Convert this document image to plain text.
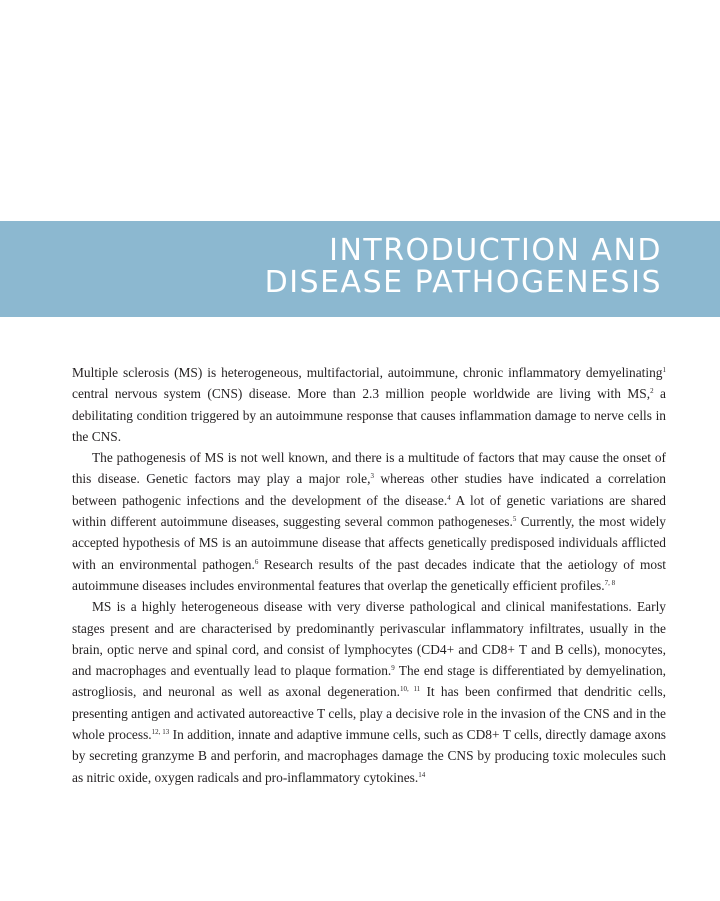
INTRODUCTION AND
DISEASE PATHOGENESIS

Multiple sclerosis (MS) is heterogeneous, multifactorial, autoimmune, chronic inflammatory demyelinating$^1$ central nervous system (CNS) disease. More than 2.3 million people worldwide are living with MS,$^2$ a debilitating condition triggered by an autoimmune response that causes inflammation damage to nerve cells in the CNS.

The pathogenesis of MS is not well known, and there is a multitude of factors that may cause the onset of this disease. Genetic factors may play a major role,$^3$ whereas other studies have indicated a correlation between pathogenic infections and the development of the disease.$^4$ A lot of genetic variations are shared within different autoimmune diseases, suggesting several common pathogeneses.$^5$ Currently, the most widely accepted hypothesis of MS is an autoimmune disease that affects genetically predisposed individuals afflicted with an environmental pathogen.$^6$ Research results of the past decades indicate that the aetiology of most autoimmune diseases includes environmental features that overlap the genetically efficient profiles.$^{7, 8}$

MS is a highly heterogeneous disease with very diverse pathological and clinical manifestations. Early stages present and are characterised by predominantly perivascular inflammatory infiltrates, usually in the brain, optic nerve and spinal cord, and consist of lymphocytes (CD4+ and CD8+ T and B cells), monocytes, and macrophages and eventually lead to plaque formation.$^9$ The end stage is differentiated by demyelination, astrogliosis, and neuronal as well as axonal degeneration.$^{10, 11}$ It has been confirmed that dendritic cells, presenting antigen and activated autoreactive T cells, play a decisive role in the invasion of the CNS and in the whole process.$^{12, 13}$ In addition, innate and adaptive immune cells, such as CD8+ T cells, directly damage axons by secreting granzyme B and perforin, and macrophages damage the CNS by producing toxic molecules such as nitric oxide, oxygen radicals and pro-inflammatory cytokines.$^{14}$
